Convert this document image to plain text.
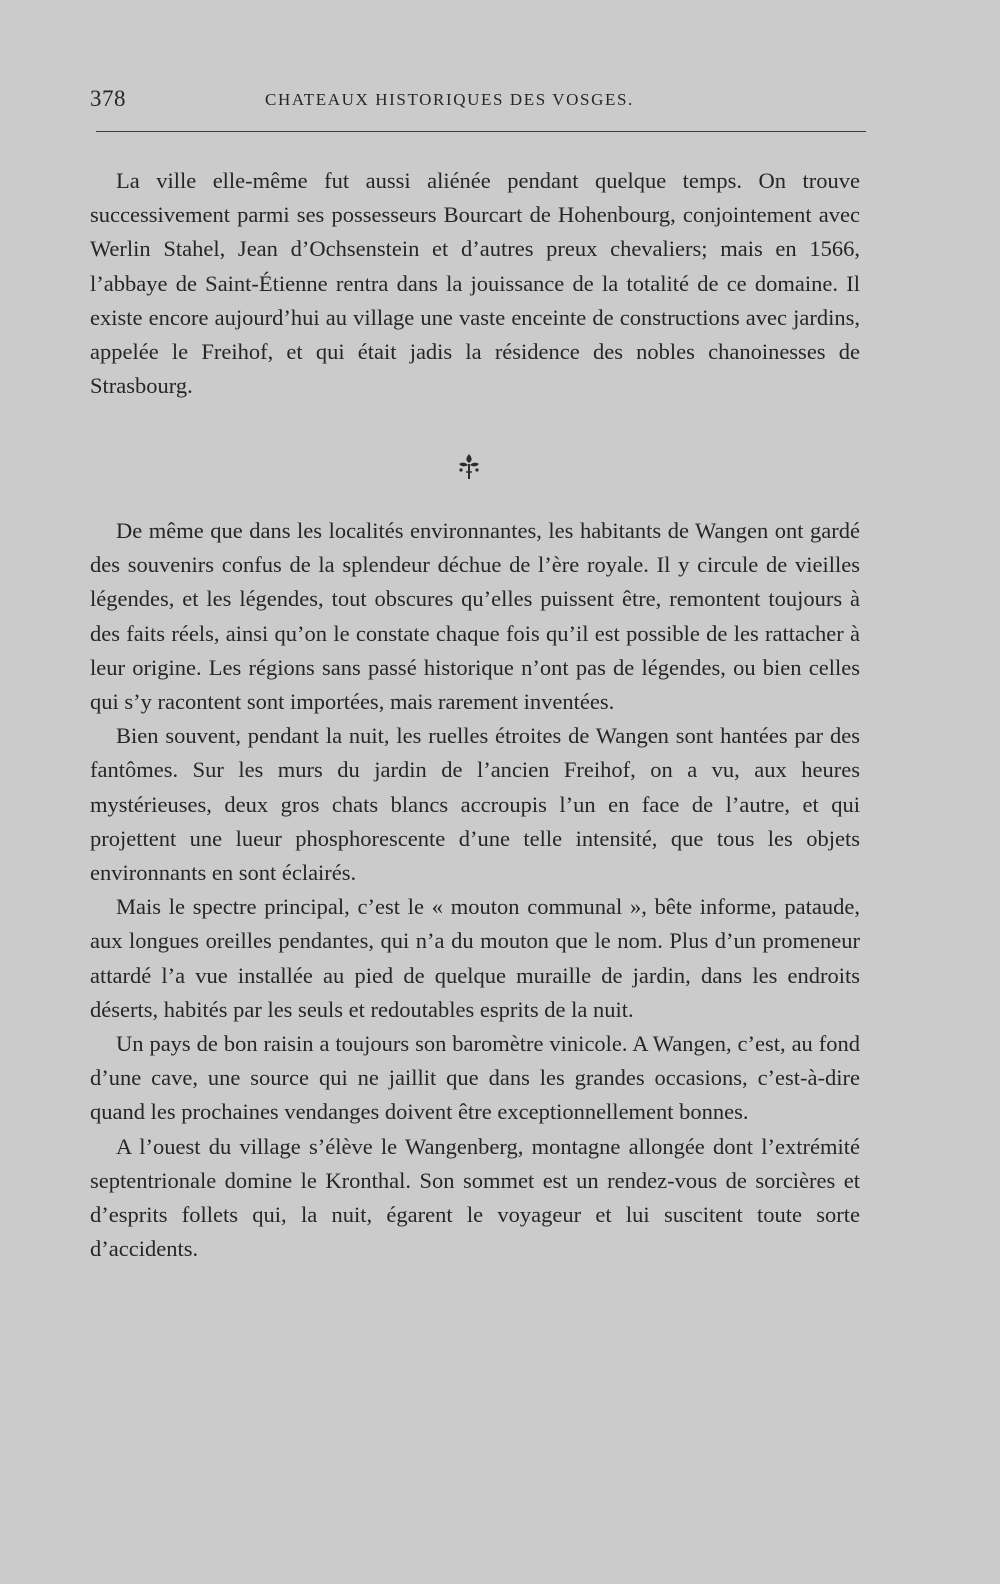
378	CHATEAUX HISTORIQUES DES VOSGES.

La ville elle-même fut aussi aliénée pendant quelque temps. On trouve successivement parmi ses possesseurs Bourcart de Hohenbourg, conjointement avec Werlin Stahel, Jean d’Ochsenstein et d’autres preux chevaliers; mais en 1566, l’abbaye de Saint-Étienne rentra dans la jouissance de la totalité de ce domaine. Il existe encore aujourd’hui au village une vaste enceinte de constructions avec jardins, appelée le Freihof, et qui était jadis la résidence des nobles chanoinesses de Strasbourg.

De même que dans les localités environnantes, les habitants de Wangen ont gardé des souvenirs confus de la splendeur déchue de l’ère royale. Il y circule de vieilles légendes, et les légendes, tout obscures qu’elles puissent être, remontent toujours à des faits réels, ainsi qu’on le constate chaque fois qu’il est possible de les rattacher à leur origine. Les régions sans passé historique n’ont pas de légendes, ou bien celles qui s’y racontent sont importées, mais rarement inventées.

Bien souvent, pendant la nuit, les ruelles étroites de Wangen sont hantées par des fantômes. Sur les murs du jardin de l’ancien Freihof, on a vu, aux heures mystérieuses, deux gros chats blancs accroupis l’un en face de l’autre, et qui projettent une lueur phosphorescente d’une telle intensité, que tous les objets environnants en sont éclairés.

Mais le spectre principal, c’est le « mouton communal », bête informe, pataude, aux longues oreilles pendantes, qui n’a du mouton que le nom. Plus d’un promeneur attardé l’a vue installée au pied de quelque muraille de jardin, dans les endroits déserts, habités par les seuls et redoutables esprits de la nuit.

Un pays de bon raisin a toujours son baromètre vinicole. A Wangen, c’est, au fond d’une cave, une source qui ne jaillit que dans les grandes occasions, c’est-à-dire quand les prochaines vendanges doivent être exceptionnellement bonnes.

A l’ouest du village s’élève le Wangenberg, montagne allongée dont l’extrémité septentrionale domine le Kronthal. Son sommet est un rendez-vous de sorcières et d’esprits follets qui, la nuit, égarent le voyageur et lui suscitent toute sorte d’accidents.
